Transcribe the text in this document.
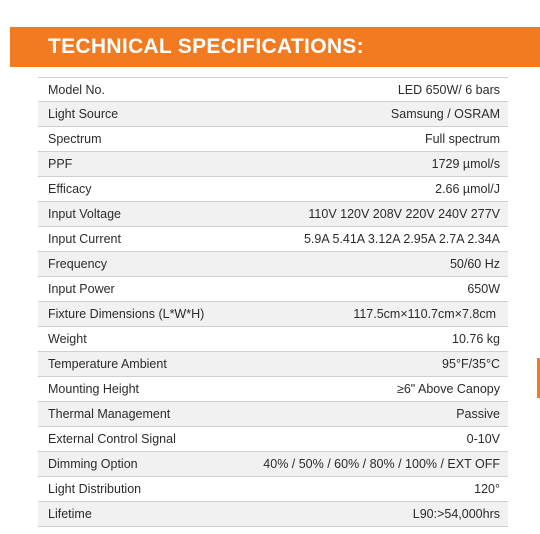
TECHNICAL SPECIFICATIONS:
Model No.	LED 650W/ 6 bars
Light Source	Samsung / OSRAM
Spectrum	Full spectrum
PPF	1729 µmol/s
Efficacy	2.66 µmol/J
Input Voltage	110V 120V 208V 220V 240V 277V
Input Current	5.9A 5.41A 3.12A 2.95A 2.7A 2.34A
Frequency	50/60 Hz
Input Power	650W
Fixture Dimensions (L*W*H)	117.5cm×110.7cm×7.8cm
Weight	10.76 kg
Temperature Ambient	95°F/35°C
Mounting Height	≥6" Above Canopy
Thermal Management	Passive
External Control Signal	0-10V
Dimming Option	40% / 50% / 60% / 80% / 100% / EXT OFF
Light Distribution	120°
Lifetime	L90:>54,000hrs
